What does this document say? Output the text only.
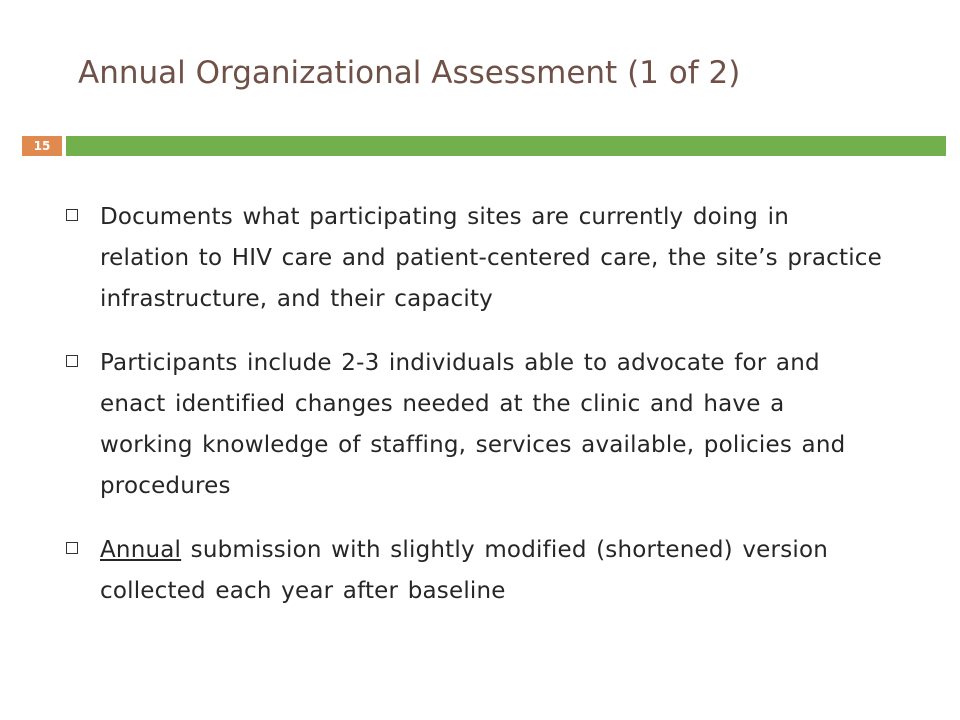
Annual Organizational Assessment (1 of 2)
15
Documents what participating sites are currently doing in relation to HIV care and patient-centered care, the site’s practice infrastructure, and their capacity
Participants include 2-3 individuals able to advocate for and enact identified changes needed at the clinic and have a working knowledge of staffing, services available, policies and procedures
Annual submission with slightly modified (shortened) version collected each year after baseline
